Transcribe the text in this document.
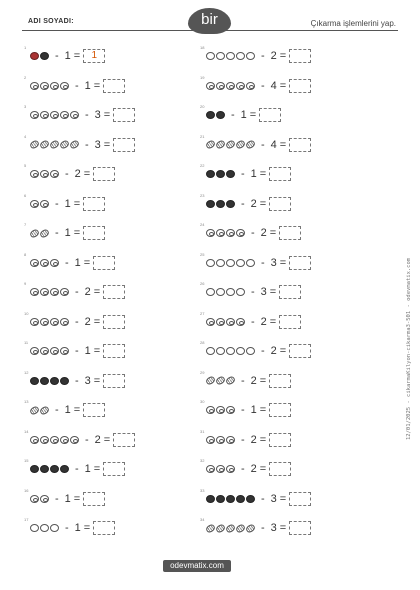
ADI SOYADI:	bir	Çıkarma işlemlerini yap.
12/01/2025 - cikarmaKilyon-cikarma3-501 - odevmatix.com
1
- 1 =	1
2
- 1 =
3
- 3 =
4
- 3 =
5
- 2 =
6
- 1 =
7
- 1 =
8
- 1 =
9
- 2 =
10
- 2 =
11
- 1 =
12
- 3 =
13
- 1 =
14
- 2 =
15
- 1 =
16
- 1 =
17
- 1 =
18
- 2 =
19
- 4 =
20
- 1 =
21
- 4 =
22
- 1 =
23
- 2 =
24
- 2 =
25
- 3 =
26
- 3 =
27
- 2 =
28
- 2 =
29
- 2 =
30
- 1 =
31
- 2 =
32
- 2 =
33
- 3 =
34
- 3 =
odevmatix.com
